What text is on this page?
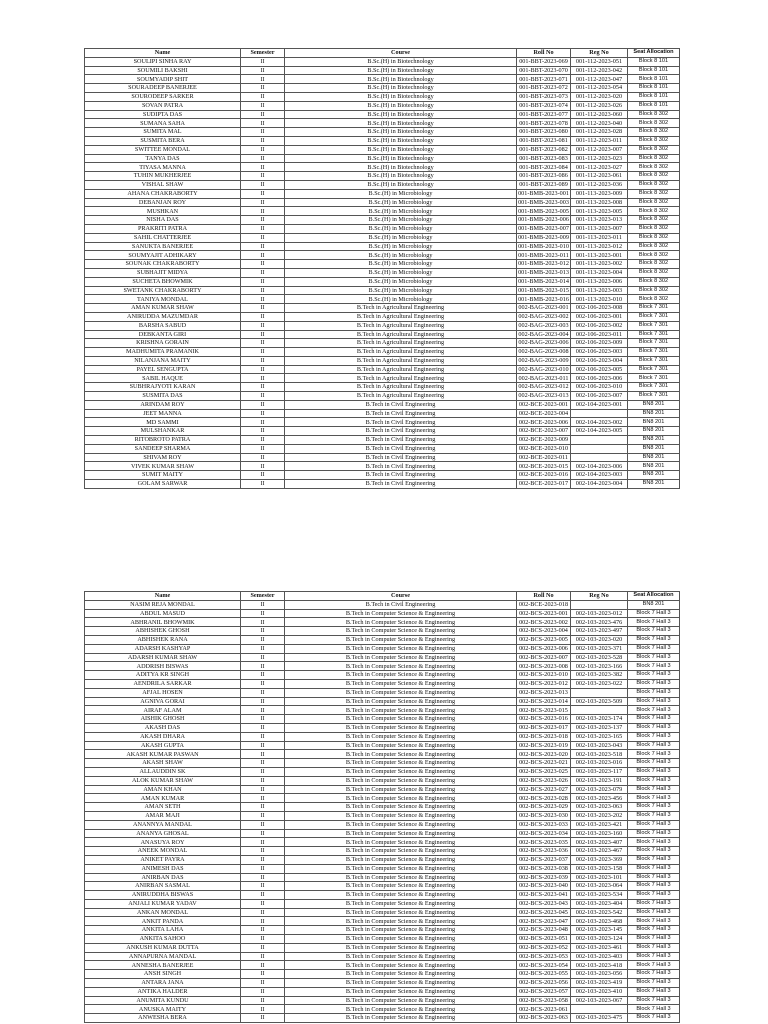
Name	Semester	Course	Roll No	Reg No	Seat Allocation
SOULIPI SINHA RAY	II	B.Sc.(H) in Biotechnology	001-BBT-2023-069	001-112-2023-051	Block 8 101
SOUMILI BAKSHI	II	B.Sc.(H) in Biotechnology	001-BBT-2023-070	001-112-2023-042	Block 8 101
SOUMYADIP SHIT	II	B.Sc.(H) in Biotechnology	001-BBT-2023-071	001-112-2023-047	Block 8 101
SOURADEEP BANERJEE	II	B.Sc.(H) in Biotechnology	001-BBT-2023-072	001-112-2023-054	Block 8 101
SOURODEEP SARKER	II	B.Sc.(H) in Biotechnology	001-BBT-2023-073	001-112-2023-020	Block 8 101
SOVAN PATRA	II	B.Sc.(H) in Biotechnology	001-BBT-2023-074	001-112-2023-026	Block 8 101
SUDIPTA DAS	II	B.Sc.(H) in Biotechnology	001-BBT-2023-077	001-112-2023-060	Block 8 302
SUMANA SAHA	II	B.Sc.(H) in Biotechnology	001-BBT-2023-078	001-112-2023-040	Block 8 302
SUMITA MAL	II	B.Sc.(H) in Biotechnology	001-BBT-2023-080	001-112-2023-028	Block 8 302
SUSMITA BERA	II	B.Sc.(H) in Biotechnology	001-BBT-2023-081	001-112-2023-011	Block 8 302
SWITTEE MONDAL	II	B.Sc.(H) in Biotechnology	001-BBT-2023-082	001-112-2023-007	Block 8 302
TANYA DAS	II	B.Sc.(H) in Biotechnology	001-BBT-2023-083	001-112-2023-023	Block 8 302
TIYASA MANNA	II	B.Sc.(H) in Biotechnology	001-BBT-2023-084	001-112-2023-027	Block 8 302
TUHIN MUKHERJEE	II	B.Sc.(H) in Biotechnology	001-BBT-2023-086	001-112-2023-061	Block 8 302
VISHAL SHAW	II	B.Sc.(H) in Biotechnology	001-BBT-2023-089	001-112-2023-036	Block 8 302
AHANA CHAKRABORTY	II	B.Sc.(H) in Microbiology	001-BMB-2023-001	001-113-2023-009	Block 8 302
DEBANJAN ROY	II	B.Sc.(H) in Microbiology	001-BMB-2023-003	001-113-2023-008	Block 8 302
MUSHKAN	II	B.Sc.(H) in Microbiology	001-BMB-2023-005	001-113-2023-005	Block 8 302
NISHA DAS	II	B.Sc.(H) in Microbiology	001-BMB-2023-006	001-113-2023-013	Block 8 302
PRAKRITI PATRA	II	B.Sc.(H) in Microbiology	001-BMB-2023-007	001-113-2023-007	Block 8 302
SAHIL CHATTERJEE	II	B.Sc.(H) in Microbiology	001-BMB-2023-009	001-113-2023-011	Block 8 302
SANUKTA BANERJEE	II	B.Sc.(H) in Microbiology	001-BMB-2023-010	001-113-2023-012	Block 8 302
SOUMYAJIT ADHIKARY	II	B.Sc.(H) in Microbiology	001-BMB-2023-011	001-113-2023-001	Block 8 302
SOUNAK CHAKRABORTY	II	B.Sc.(H) in Microbiology	001-BMB-2023-012	001-113-2023-002	Block 8 302
SUBHAJIT MIDYA	II	B.Sc.(H) in Microbiology	001-BMB-2023-013	001-113-2023-004	Block 8 302
SUCHETA BHOWMIK	II	B.Sc.(H) in Microbiology	001-BMB-2023-014	001-113-2023-006	Block 8 302
SWETANK CHAKRABORTY	II	B.Sc.(H) in Microbiology	001-BMB-2023-015	001-113-2023-003	Block 8 302
TANIYA MONDAL	II	B.Sc.(H) in Microbiology	001-BMB-2023-016	001-113-2023-010	Block 8 302
AMAN KUMAR SHAW	II	B.Tech in Agricultural Engineering	002-BAG-2023-001	002-106-2023-008	Block 7 301
ANIRUDDA MAZUMDAR	II	B.Tech in Agricultural Engineering	002-BAG-2023-002	002-106-2023-001	Block 7 301
BARSHA SABUD	II	B.Tech in Agricultural Engineering	002-BAG-2023-003	002-106-2023-002	Block 7 301
DEBKANTA GIRI	II	B.Tech in Agricultural Engineering	002-BAG-2023-004	002-106-2023-011	Block 7 301
KRISHNA GORAIN	II	B.Tech in Agricultural Engineering	002-BAG-2023-006	002-106-2023-009	Block 7 301
MADHUMITA PRAMANIK	II	B.Tech in Agricultural Engineering	002-BAG-2023-008	002-106-2023-003	Block 7 301
NILANJANA MAITY	II	B.Tech in Agricultural Engineering	002-BAG-2023-009	002-106-2023-004	Block 7 301
PAYEL SENGUPTA	II	B.Tech in Agricultural Engineering	002-BAG-2023-010	002-106-2023-005	Block 7 301
SABIL HAQUE	II	B.Tech in Agricultural Engineering	002-BAG-2023-011	002-106-2023-006	Block 7 301
SUBHRAJYOTI KARAN	II	B.Tech in Agricultural Engineering	002-BAG-2023-012	002-106-2023-010	Block 7 301
SUSMITA DAS	II	B.Tech in Agricultural Engineering	002-BAG-2023-013	002-106-2023-007	Block 7 301
ARINDAM ROY	II	B.Tech in Civil Engineering	002-BCE-2023-001	002-104-2023-001	BN8 201
JEET MANNA	II	B.Tech in Civil Engineering	002-BCE-2023-004		BN8 201
MD SAMMI	II	B.Tech in Civil Engineering	002-BCE-2023-006	002-104-2023-002	BN8 201
MULSHANKAR	II	B.Tech in Civil Engineering	002-BCE-2023-007	002-104-2023-005	BN8 201
RITOBROTO PATRA	II	B.Tech in Civil Engineering	002-BCE-2023-009		BN8 201
SANDEEP SHARMA	II	B.Tech in Civil Engineering	002-BCE-2023-010		BN8 201
SHIVAM ROY	II	B.Tech in Civil Engineering	002-BCE-2023-011		BN8 201
VIVEK KUMAR SHAW	II	B.Tech in Civil Engineering	002-BCE-2023-015	002-104-2023-006	BN8 201
SUMIT MAITY	II	B.Tech in Civil Engineering	002-BCE-2023-016	002-104-2023-003	BN8 201
GOLAM SARWAR	II	B.Tech in Civil Engineering	002-BCE-2023-017	002-104-2023-004	BN8 201
Name	Semester	Course	Roll No	Reg No	Seat Allocation
NASIM REJA MONDAL	II	B.Tech in Civil Engineering	002-BCE-2023-018		BN8 201
ABDUL MASUD	II	B.Tech in Computer Science & Engineering	002-BCS-2023-001	002-103-2023-012	Block 7 Hall 3
ABHRANIL BHOWMIK	II	B.Tech in Computer Science & Engineering	002-BCS-2023-002	002-103-2023-476	Block 7 Hall 3
ABHISHEK GHOSH	II	B.Tech in Computer Science & Engineering	002-BCS-2023-004	002-103-2023-497	Block 7 Hall 3
ABHISHEK RANA	II	B.Tech in Computer Science & Engineering	002-BCS-2023-005	002-103-2023-020	Block 7 Hall 3
ADARSH KASHYAP	II	B.Tech in Computer Science & Engineering	002-BCS-2023-006	002-103-2023-371	Block 7 Hall 3
ADARSH KUMAR SHAW	II	B.Tech in Computer Science & Engineering	002-BCS-2023-007	002-103-2023-528	Block 7 Hall 3
ADDRISH BISWAS	II	B.Tech in Computer Science & Engineering	002-BCS-2023-008	002-103-2023-166	Block 7 Hall 3
ADITYA KR SINGH	II	B.Tech in Computer Science & Engineering	002-BCS-2023-010	002-103-2023-382	Block 7 Hall 3
AENDRILA SARKAR	II	B.Tech in Computer Science & Engineering	002-BCS-2023-012	002-103-2023-022	Block 7 Hall 3
AFJAL HOSEN	II	B.Tech in Computer Science & Engineering	002-BCS-2023-013		Block 7 Hall 3
AGNIVA GORAI	II	B.Tech in Computer Science & Engineering	002-BCS-2023-014	002-103-2023-509	Block 7 Hall 3
AIRAF ALAM	II	B.Tech in Computer Science & Engineering	002-BCS-2023-015		Block 7 Hall 3
AISHIK GHOSH	II	B.Tech in Computer Science & Engineering	002-BCS-2023-016	002-103-2023-174	Block 7 Hall 3
AKASH DAS	II	B.Tech in Computer Science & Engineering	002-BCS-2023-017	002-103-2023-137	Block 7 Hall 3
AKASH DHARA	II	B.Tech in Computer Science & Engineering	002-BCS-2023-018	002-103-2023-165	Block 7 Hall 3
AKASH GUPTA	II	B.Tech in Computer Science & Engineering	002-BCS-2023-019	002-103-2023-043	Block 7 Hall 3
AKASH KUMAR PASWAN	II	B.Tech in Computer Science & Engineering	002-BCS-2023-020	002-103-2023-518	Block 7 Hall 3
AKASH SHAW	II	B.Tech in Computer Science & Engineering	002-BCS-2023-021	002-103-2023-016	Block 7 Hall 3
ALLAUDDIN SK	II	B.Tech in Computer Science & Engineering	002-BCS-2023-025	002-103-2023-117	Block 7 Hall 3
ALOK KUMAR SHAW	II	B.Tech in Computer Science & Engineering	002-BCS-2023-026	002-103-2023-191	Block 7 Hall 3
AMAN KHAN	II	B.Tech in Computer Science & Engineering	002-BCS-2023-027	002-103-2023-079	Block 7 Hall 3
AMAN KUMAR	II	B.Tech in Computer Science & Engineering	002-BCS-2023-028	002-103-2023-456	Block 7 Hall 3
AMAN SETH	II	B.Tech in Computer Science & Engineering	002-BCS-2023-029	002-103-2023-063	Block 7 Hall 3
AMAR MAJI	II	B.Tech in Computer Science & Engineering	002-BCS-2023-030	002-103-2023-202	Block 7 Hall 3
ANANNYA MANDAL	II	B.Tech in Computer Science & Engineering	002-BCS-2023-033	002-103-2023-421	Block 7 Hall 3
ANANYA GHOSAL	II	B.Tech in Computer Science & Engineering	002-BCS-2023-034	002-103-2023-160	Block 7 Hall 3
ANASUYA ROY	II	B.Tech in Computer Science & Engineering	002-BCS-2023-035	002-103-2023-407	Block 7 Hall 3
ANEEK MONDAL	II	B.Tech in Computer Science & Engineering	002-BCS-2023-036	002-103-2023-467	Block 7 Hall 3
ANIKET PAYRA	II	B.Tech in Computer Science & Engineering	002-BCS-2023-037	002-103-2023-369	Block 7 Hall 3
ANIMESH DAS	II	B.Tech in Computer Science & Engineering	002-BCS-2023-038	002-103-2023-158	Block 7 Hall 3
ANIRBAN DAS	II	B.Tech in Computer Science & Engineering	002-BCS-2023-039	002-103-2023-101	Block 7 Hall 3
ANIRBAN SASMAL	II	B.Tech in Computer Science & Engineering	002-BCS-2023-040	002-103-2023-064	Block 7 Hall 3
ANIRUDDHA BISWAS	II	B.Tech in Computer Science & Engineering	002-BCS-2023-041	002-103-2023-534	Block 7 Hall 3
ANJALI KUMAR YADAV	II	B.Tech in Computer Science & Engineering	002-BCS-2023-043	002-103-2023-404	Block 7 Hall 3
ANKAN MONDAL	II	B.Tech in Computer Science & Engineering	002-BCS-2023-045	002-103-2023-542	Block 7 Hall 3
ANKIT PANDA	II	B.Tech in Computer Science & Engineering	002-BCS-2023-047	002-103-2023-468	Block 7 Hall 3
ANKITA LAHA	II	B.Tech in Computer Science & Engineering	002-BCS-2023-048	002-103-2023-145	Block 7 Hall 3
ANKITA SAHOO	II	B.Tech in Computer Science & Engineering	002-BCS-2023-051	002-103-2023-124	Block 7 Hall 3
ANKUSH KUMAR DUTTA	II	B.Tech in Computer Science & Engineering	002-BCS-2023-052	002-103-2023-461	Block 7 Hall 3
ANNAPURNA MANDAL	II	B.Tech in Computer Science & Engineering	002-BCS-2023-053	002-103-2023-403	Block 7 Hall 3
ANNESHA BANERJEE	II	B.Tech in Computer Science & Engineering	002-BCS-2023-054	002-103-2023-418	Block 7 Hall 3
ANSH SINGH	II	B.Tech in Computer Science & Engineering	002-BCS-2023-055	002-103-2023-056	Block 7 Hall 3
ANTARA JANA	II	B.Tech in Computer Science & Engineering	002-BCS-2023-056	002-103-2023-419	Block 7 Hall 3
ANTIKA HALDER	II	B.Tech in Computer Science & Engineering	002-BCS-2023-057	002-103-2023-410	Block 7 Hall 3
ANUMITA KUNDU	II	B.Tech in Computer Science & Engineering	002-BCS-2023-058	002-103-2023-067	Block 7 Hall 3
ANUSKA MAITY	II	B.Tech in Computer Science & Engineering	002-BCS-2023-061		Block 7 Hall 3
ANWESHA BERA	II	B.Tech in Computer Science & Engineering	002-BCS-2023-063	002-103-2023-475	Block 7 Hall 3
